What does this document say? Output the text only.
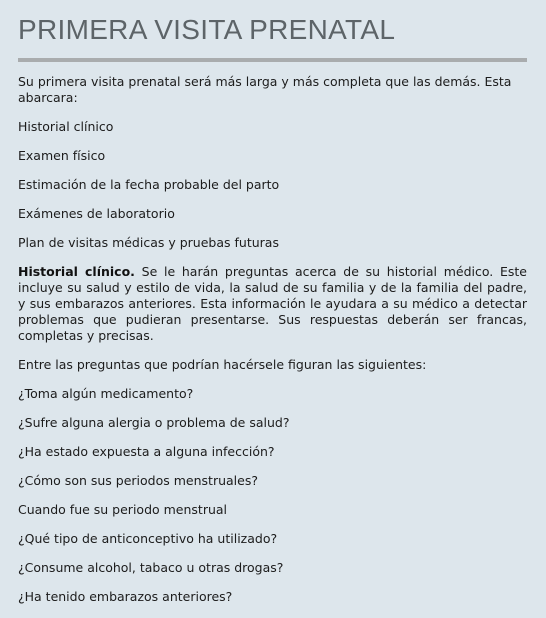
PRIMERA VISITA PRENATAL

Su primera visita prenatal será más larga y más completa que las demás. Esta abarcara:

Historial clínico

Examen físico

Estimación de la fecha probable del parto

Exámenes de laboratorio

Plan de visitas médicas y pruebas futuras

Historial clínico. Se le harán preguntas acerca de su historial médico. Este incluye su salud y estilo de vida, la salud de su familia y de la familia del padre, y sus embarazos anteriores. Esta información le ayudara a su médico a detectar problemas que pudieran presentarse. Sus respuestas deberán ser francas, completas y precisas.

Entre las preguntas que podrían hacérsele figuran las siguientes:

¿Toma algún medicamento?

¿Sufre alguna alergia o problema de salud?

¿Ha estado expuesta a alguna infección?

¿Cómo son sus periodos menstruales?

Cuando fue su periodo menstrual

¿Qué tipo de anticonceptivo ha utilizado?

¿Consume alcohol, tabaco u otras drogas?

¿Ha tenido embarazos anteriores?
